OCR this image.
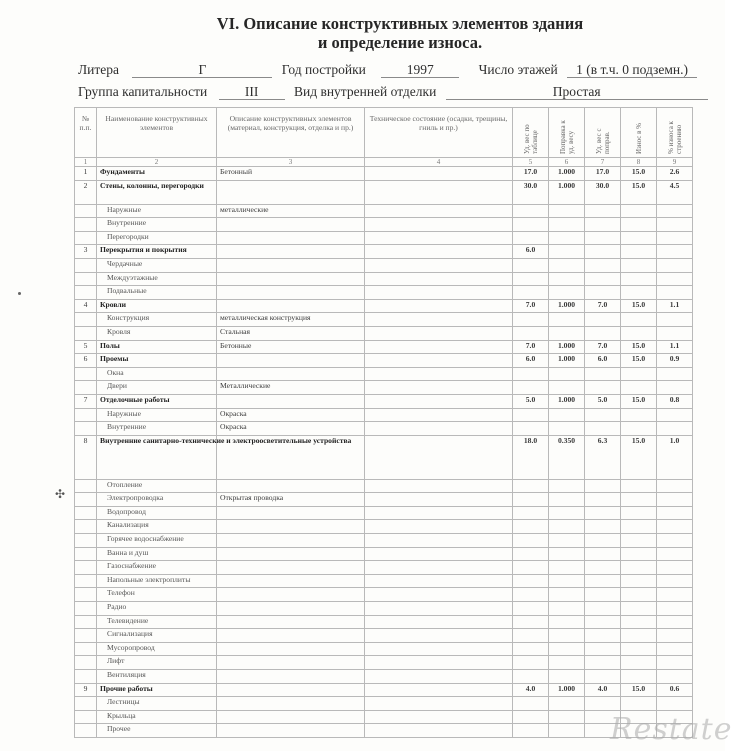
VI. Описание конструктивных элементов здания
и определение износа.
Литера	Г	Год постройки	1997	Число этажей 1 (в т.ч. 0 подземн.)
Группа капитальности	III	Вид внутренней отделки	Простая
№ п.п.	Наименование конструктивных элементов	Описание конструктивных элементов (материал, конструкция, отделка и пр.)	Техническое состояние (осадки, трещины, гниль и пр.)	Уд. вес по таблице	Поправка к уд. весу	Уд. вес с поправ.	Износ в %	% износа к строению

1	2	3	4	5	6	7	8	9
1	Фундаменты	Бетонный		17.0	1.000	17.0	15.0	2.6
2	Стены, колонны, перегородки			30.0	1.000	30.0	15.0	4.5
	Наружные	металлические						
	Внутренние							
	Перегородки							
3	Перекрытия и покрытия			6.0				
	Чердачные							
	Междуэтажные							
	Подвальные							
4	Кровли			7.0	1.000	7.0	15.0	1.1
	Конструкция	металлическая конструкция						
	Кровля	Стальная						
5	Полы	Бетонные		7.0	1.000	7.0	15.0	1.1
6	Проемы			6.0	1.000	6.0	15.0	0.9
	Окна							
	Двери	Металлические						
7	Отделочные работы			5.0	1.000	5.0	15.0	0.8
	Наружные	Окраска						
	Внутренние	Окраска						
8	Внутренние санитарно-технические и электроосветительные устройства			18.0	0.350	6.3	15.0	1.0
	Отопление							
	Электропроводка	Открытая проводка						
	Водопровод							
	Канализация							
	Горячее водоснабжение							
	Ванна и душ							
	Газоснабжение							
	Напольные электроплиты							
	Телефон							
	Радио							
	Телевидение							
	Сигнализация							
	Мусоропровод							
	Лифт							
	Вентиляция							
9	Прочие работы			4.0	1.000	4.0	15.0	0.6
	Лестницы							
	Крыльца							
	Прочее							
✣
Restate
